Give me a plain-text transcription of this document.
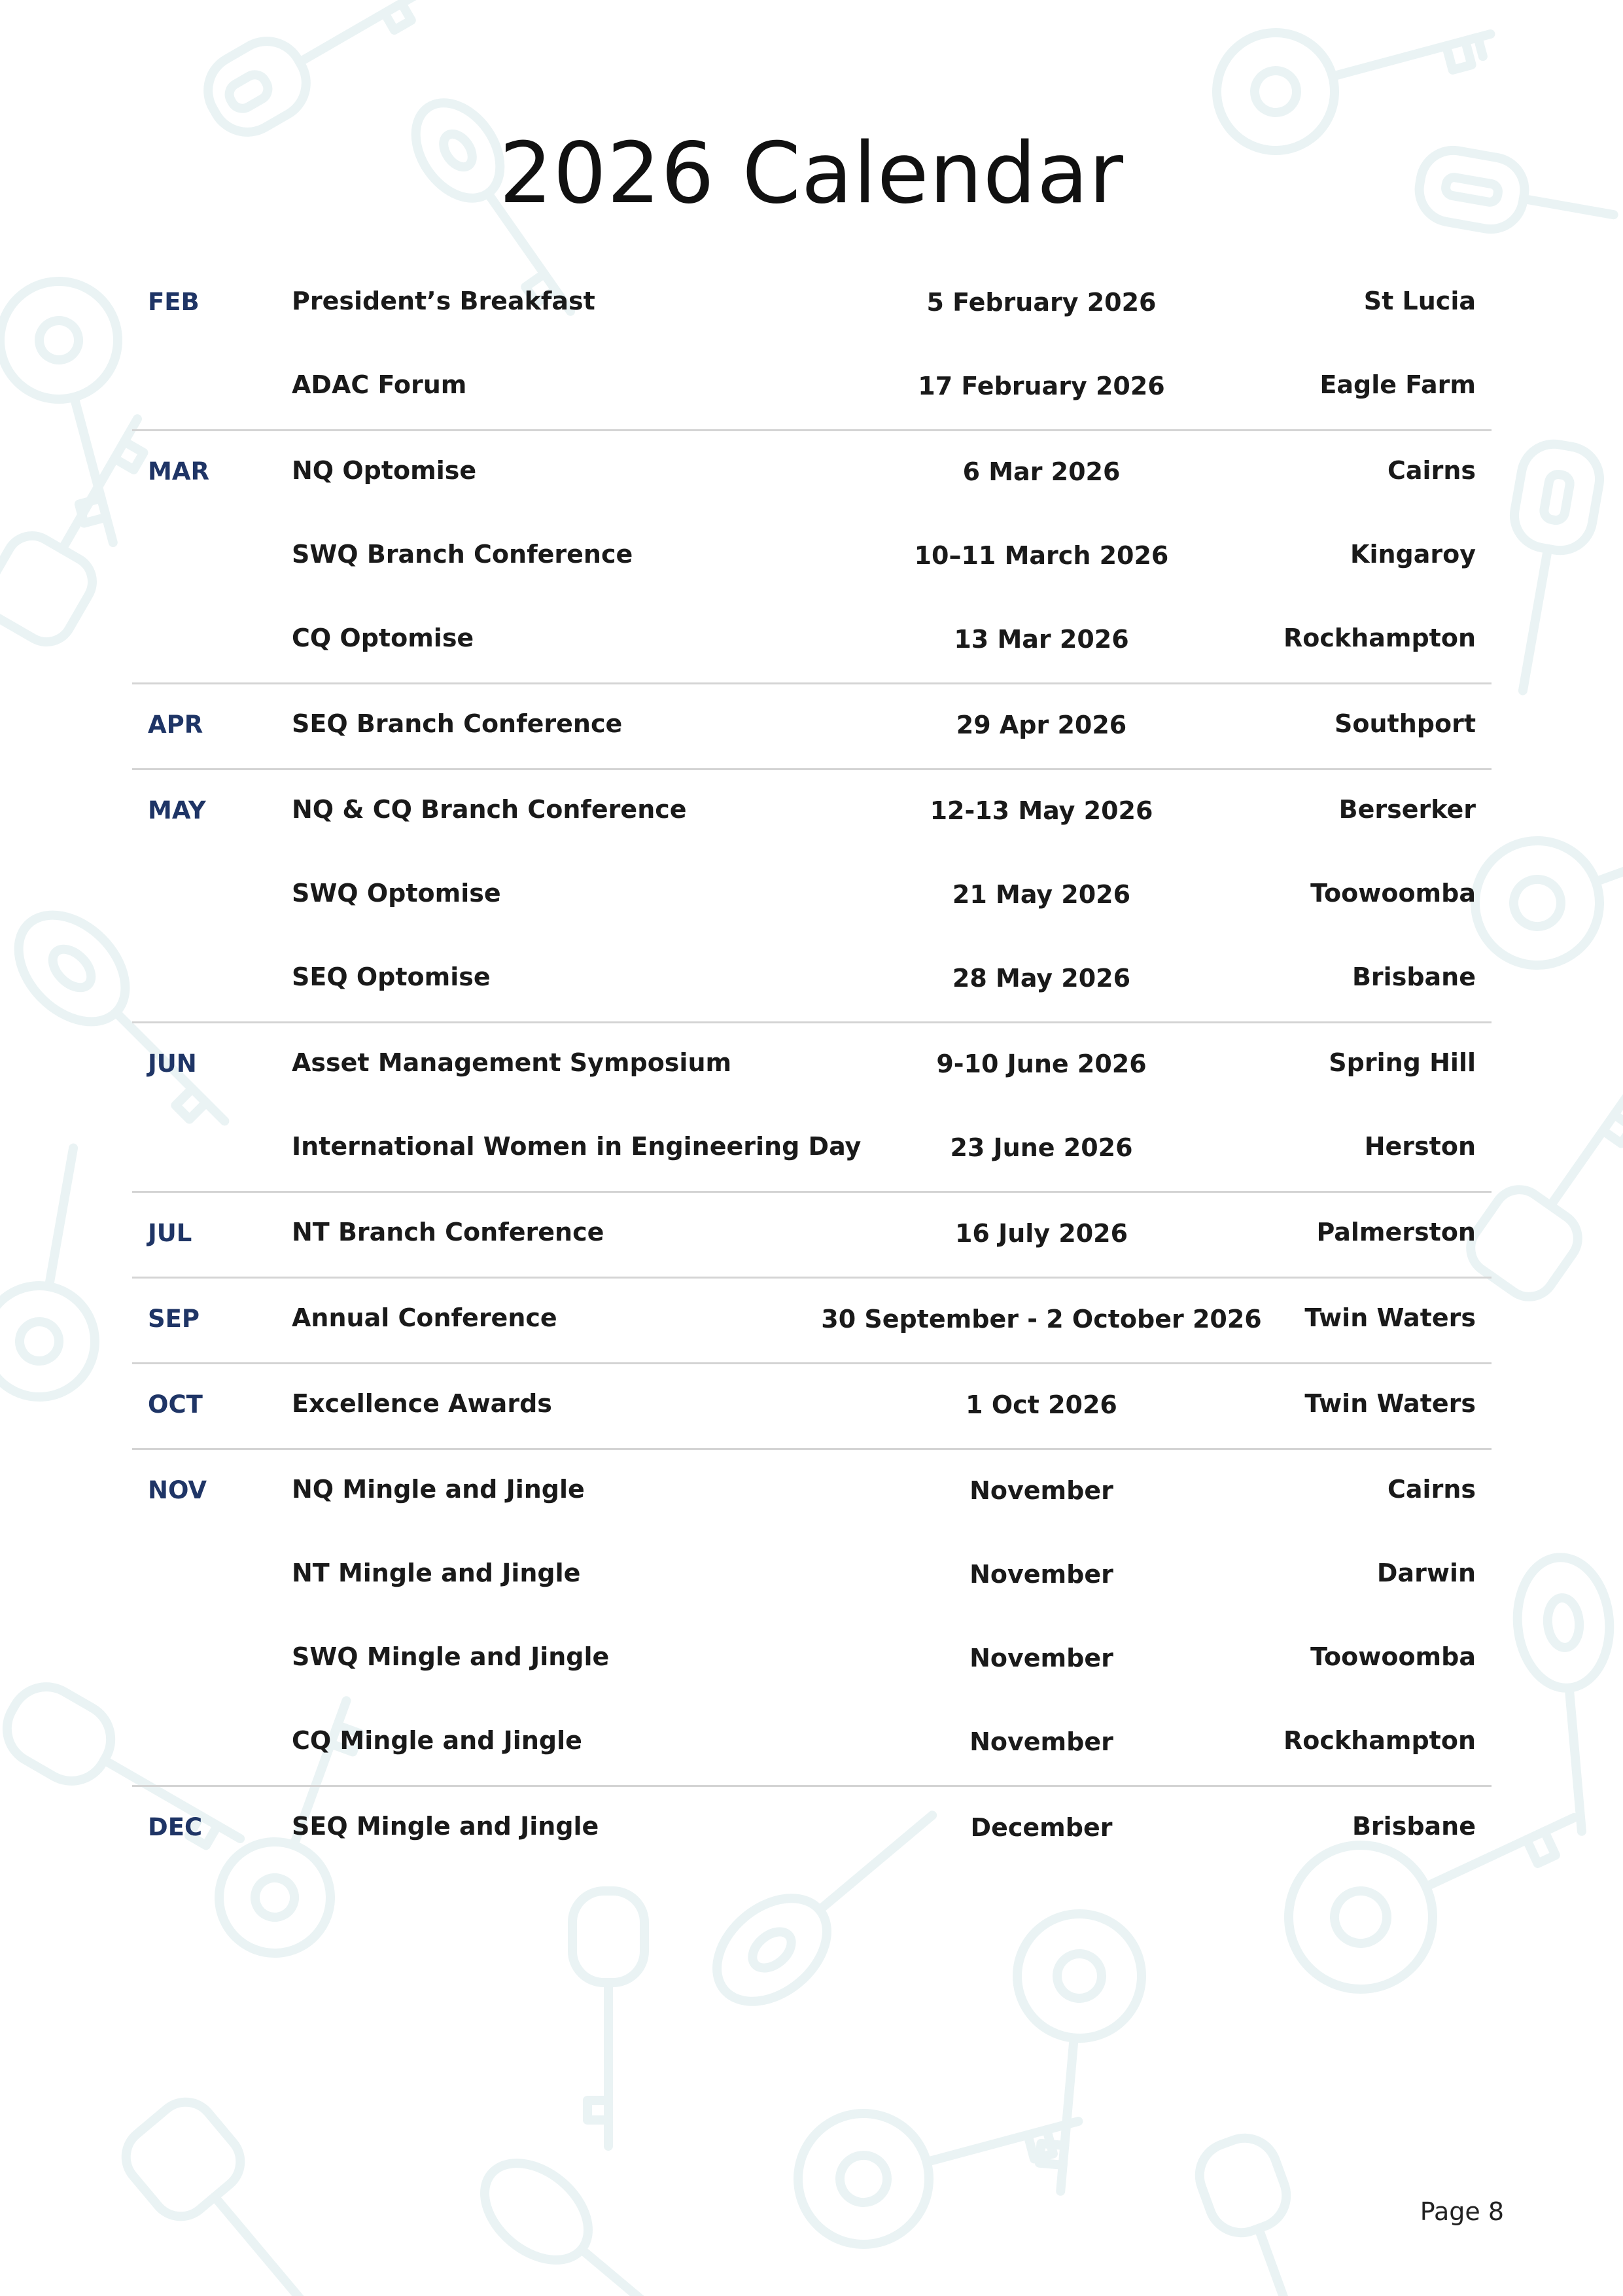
2026 Calendar
FEB	President’s Breakfast	5 February 2026	St Lucia
ADAC Forum	17 February 2026	Eagle Farm
MAR	NQ Optomise	6 Mar 2026	Cairns
SWQ Branch Conference	10–11 March 2026	Kingaroy
CQ Optomise	13 Mar 2026	Rockhampton
APR	SEQ Branch Conference	29 Apr 2026	Southport
MAY	NQ & CQ Branch Conference	12-13 May 2026	Berserker
SWQ Optomise	21 May 2026	Toowoomba
SEQ Optomise	28 May 2026	Brisbane
JUN	Asset Management Symposium	9-10 June 2026	Spring Hill
International Women in Engineering Day	23 June 2026	Herston
JUL	NT Branch Conference	16 July 2026	Palmerston
SEP	Annual Conference	30 September - 2 October 2026	Twin Waters
OCT	Excellence Awards	1 Oct 2026	Twin Waters
NOV	NQ Mingle and Jingle	November	Cairns
NT Mingle and Jingle	November	Darwin
SWQ Mingle and Jingle	November	Toowoomba
CQ Mingle and Jingle	November	Rockhampton
DEC	SEQ Mingle and Jingle	December	Brisbane
Page 8
